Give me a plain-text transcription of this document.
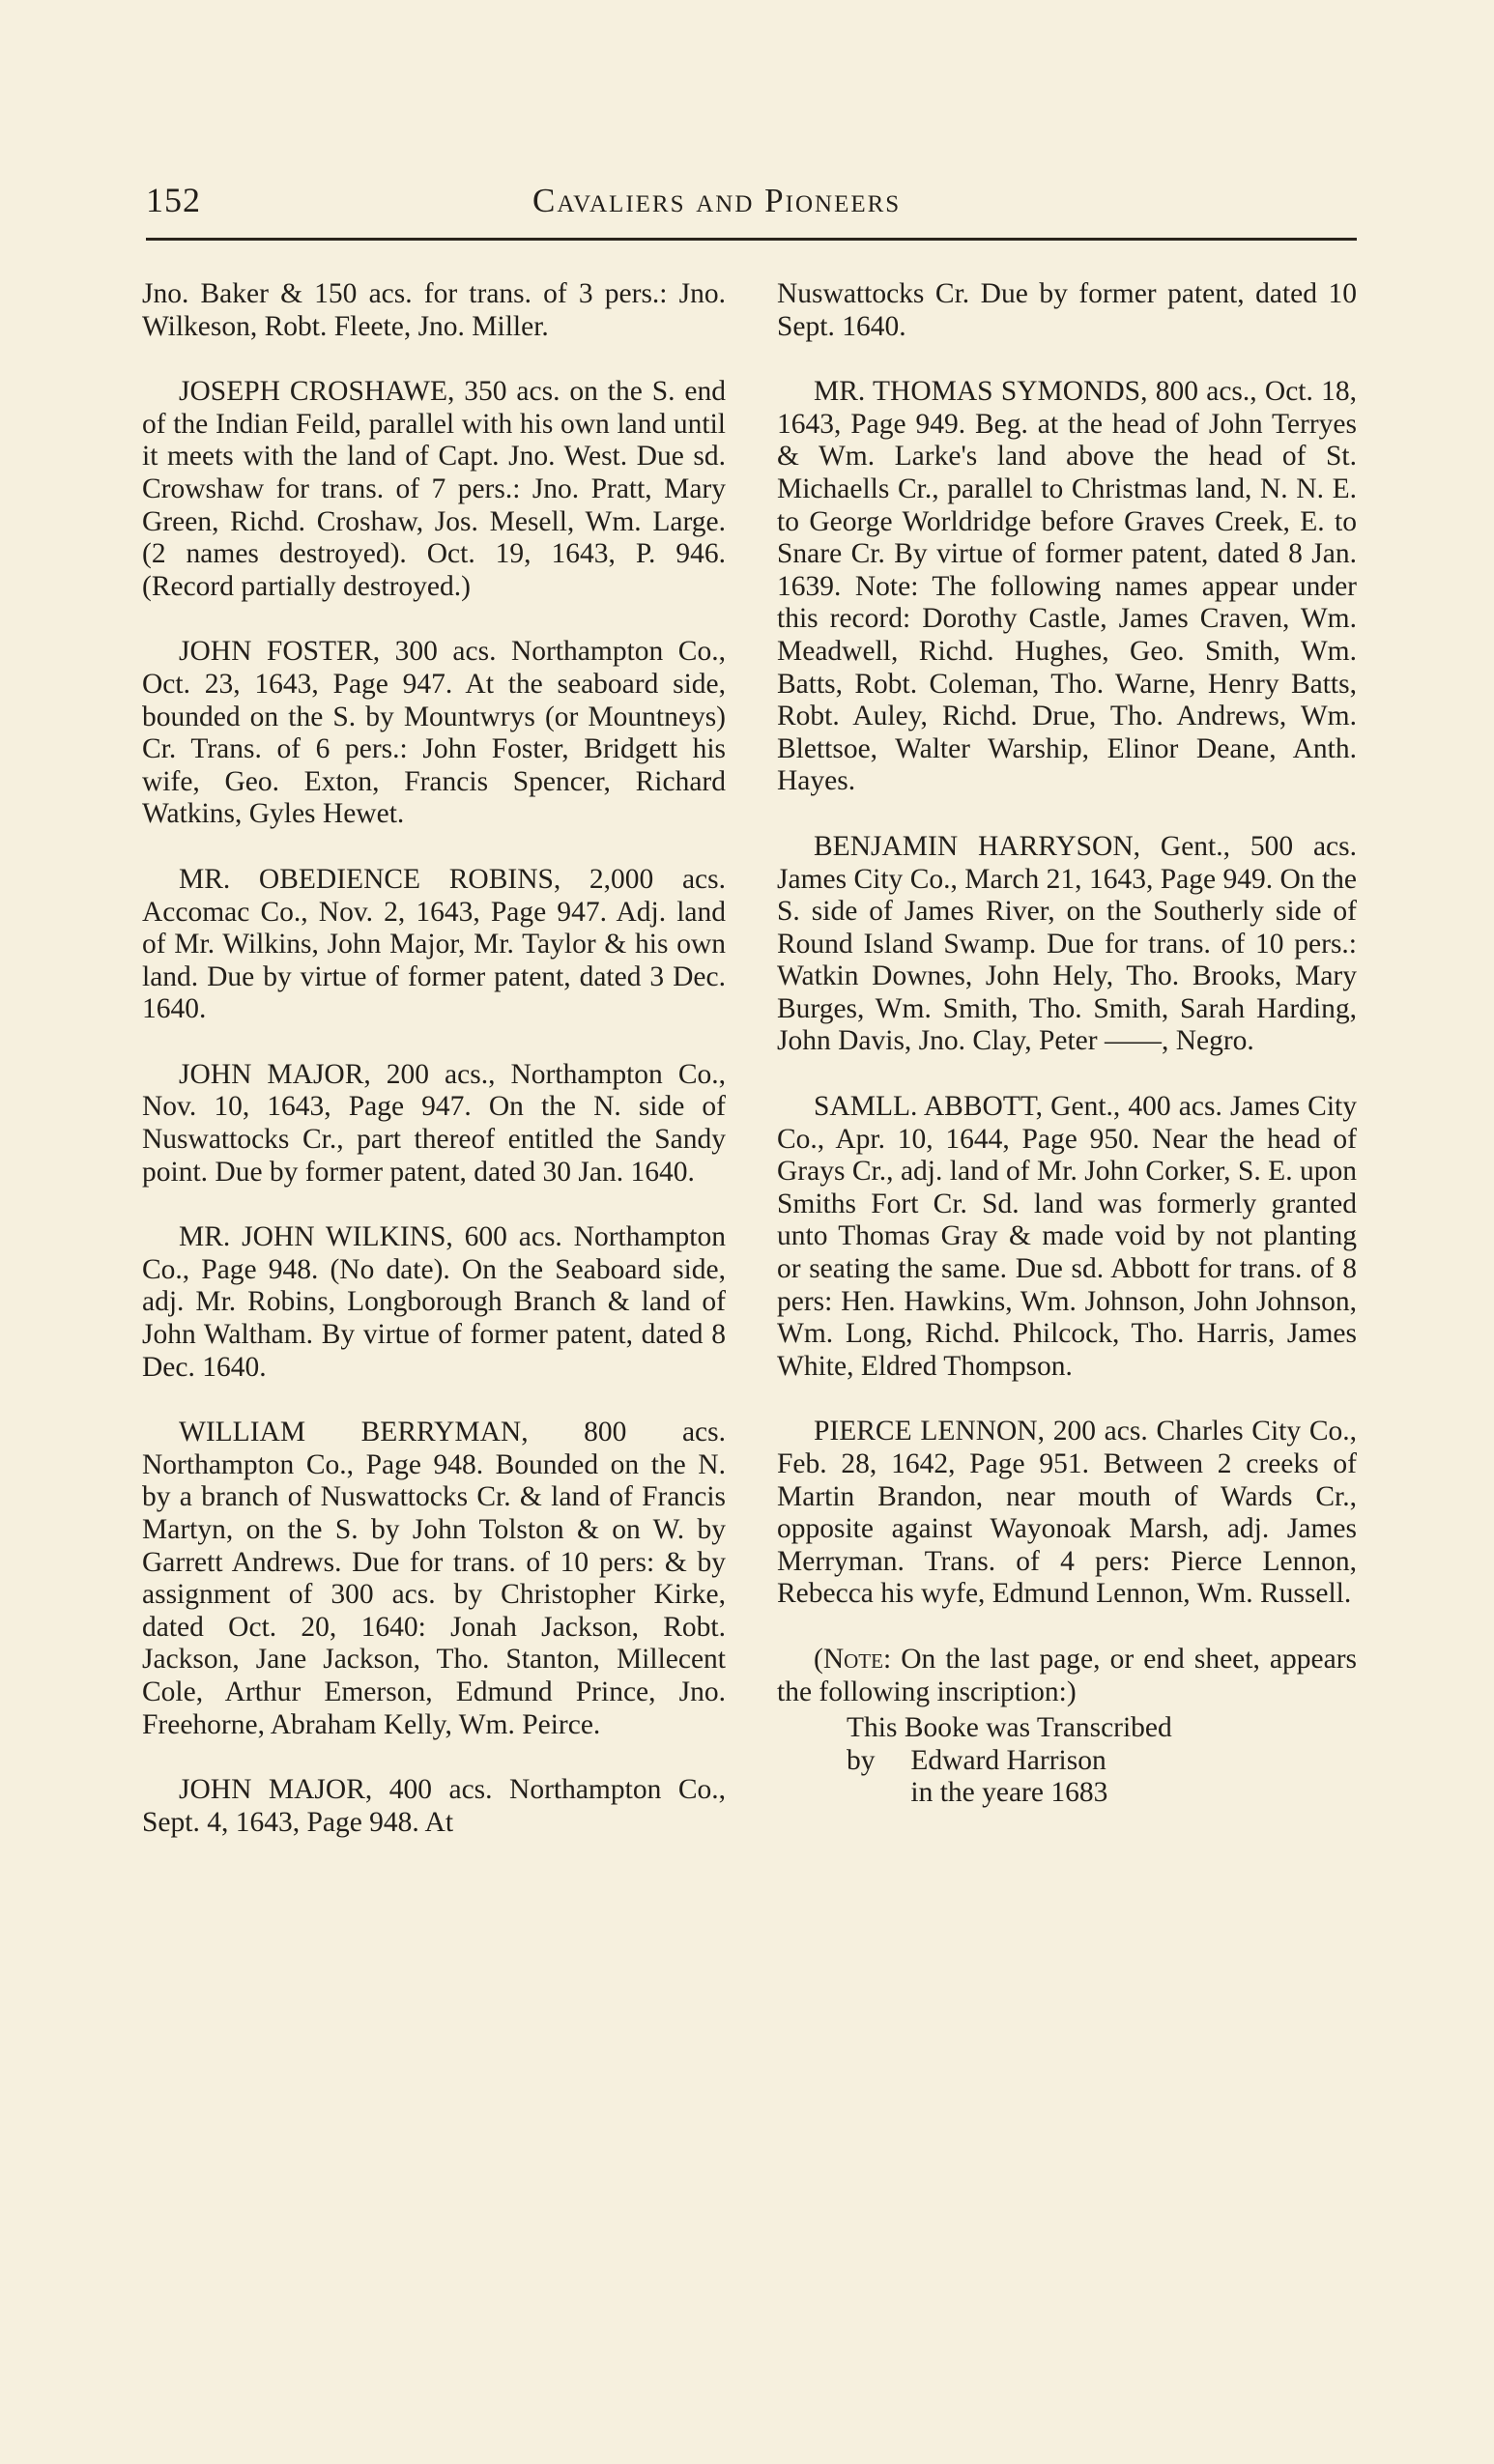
152	Cavaliers and Pioneers

Jno. Baker & 150 acs. for trans. of 3 pers.: Jno. Wilkeson, Robt. Fleete, Jno. Miller.

JOSEPH CROSHAWE, 350 acs. on the S. end of the Indian Feild, parallel with his own land until it meets with the land of Capt. Jno. West. Due sd. Crowshaw for trans. of 7 pers.: Jno. Pratt, Mary Green, Richd. Croshaw, Jos. Mesell, Wm. Large. (2 names destroyed). Oct. 19, 1643, P. 946. (Record partially destroyed.)

JOHN FOSTER, 300 acs. Northampton Co., Oct. 23, 1643, Page 947. At the seaboard side, bounded on the S. by Mountwrys (or Mountneys) Cr. Trans. of 6 pers.: John Foster, Bridgett his wife, Geo. Exton, Francis Spencer, Richard Watkins, Gyles Hewet.

MR. OBEDIENCE ROBINS, 2,000 acs. Accomac Co., Nov. 2, 1643, Page 947. Adj. land of Mr. Wilkins, John Major, Mr. Taylor & his own land. Due by virtue of former patent, dated 3 Dec. 1640.

JOHN MAJOR, 200 acs., Northampton Co., Nov. 10, 1643, Page 947. On the N. side of Nuswattocks Cr., part thereof entitled the Sandy point. Due by former patent, dated 30 Jan. 1640.

MR. JOHN WILKINS, 600 acs. Northampton Co., Page 948. (No date). On the Seaboard side, adj. Mr. Robins, Longborough Branch & land of John Waltham. By virtue of former patent, dated 8 Dec. 1640.

WILLIAM BERRYMAN, 800 acs. Northampton Co., Page 948. Bounded on the N. by a branch of Nuswattocks Cr. & land of Francis Martyn, on the S. by John Tolston & on W. by Garrett Andrews. Due for trans. of 10 pers: & by assignment of 300 acs. by Christopher Kirke, dated Oct. 20, 1640: Jonah Jackson, Robt. Jackson, Jane Jackson, Tho. Stanton, Millecent Cole, Arthur Emerson, Edmund Prince, Jno. Freehorne, Abraham Kelly, Wm. Peirce.

JOHN MAJOR, 400 acs. Northampton Co., Sept. 4, 1643, Page 948. At

Nuswattocks Cr. Due by former patent, dated 10 Sept. 1640.

MR. THOMAS SYMONDS, 800 acs., Oct. 18, 1643, Page 949. Beg. at the head of John Terryes & Wm. Larke's land above the head of St. Michaells Cr., parallel to Christmas land, N. N. E. to George Worldridge before Graves Creek, E. to Snare Cr. By virtue of former patent, dated 8 Jan. 1639. Note: The following names appear under this record: Dorothy Castle, James Craven, Wm. Meadwell, Richd. Hughes, Geo. Smith, Wm. Batts, Robt. Coleman, Tho. Warne, Henry Batts, Robt. Auley, Richd. Drue, Tho. Andrews, Wm. Blettsoe, Walter Warship, Elinor Deane, Anth. Hayes.

BENJAMIN HARRYSON, Gent., 500 acs. James City Co., March 21, 1643, Page 949. On the S. side of James River, on the Southerly side of Round Island Swamp. Due for trans. of 10 pers.: Watkin Downes, John Hely, Tho. Brooks, Mary Burges, Wm. Smith, Tho. Smith, Sarah Harding, John Davis, Jno. Clay, Peter ——, Negro.

SAMLL. ABBOTT, Gent., 400 acs. James City Co., Apr. 10, 1644, Page 950. Near the head of Grays Cr., adj. land of Mr. John Corker, S. E. upon Smiths Fort Cr. Sd. land was formerly granted unto Thomas Gray & made void by not planting or seating the same. Due sd. Abbott for trans. of 8 pers: Hen. Hawkins, Wm. Johnson, John Johnson, Wm. Long, Richd. Philcock, Tho. Harris, James White, Eldred Thompson.

PIERCE LENNON, 200 acs. Charles City Co., Feb. 28, 1642, Page 951. Between 2 creeks of Martin Brandon, near mouth of Wards Cr., opposite against Wayonoak Marsh, adj. James Merryman. Trans. of 4 pers: Pierce Lennon, Rebecca his wyfe, Edmund Lennon, Wm. Russell.

(Note: On the last page, or end sheet, appears the following inscription:)

This Booke was Transcribed
by     Edward Harrison
in the yeare 1683
